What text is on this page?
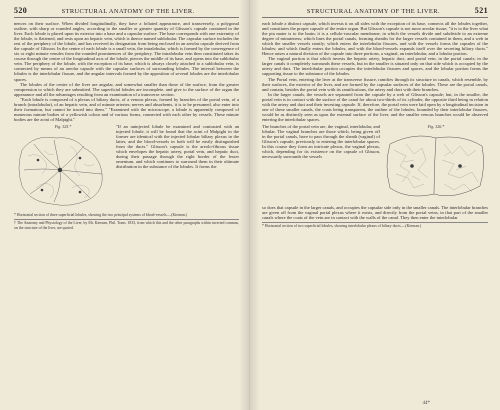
520	STRUCTURAL ANATOMY OF THE LIVER.

nences on their surface. When divided longitudinally, they have a foliated appearance, and transversely, a polygonal outline, with sharp or rounded angles, according to the smaller or greater quantity of Glisson's capsule contained in the liver. Each lobule is placed upon its exterior into a base and a capsular surface. The base corresponds with one extremity of the lobule, is flattened, and rests upon an hepatic vein, which is thence named sublobular. The capsular surface includes the rest of the periphery of the lobule, and has received its designation from being enclosed in an areolar capsule derived from the capsule of Glisson. In the centre of each lobule is a small vein, the intralobular, which is formed by the convergence of six or eight minute venules from the rounded prominences of the periphery. The intralobular vein then constituted takes its course through the centre of the longitudinal axis of the lobule, pierces the middle of its base, and opens into the sublobular vein. The periphery of the lobule, with the exception of its base, which is always closely attached to a sublobular vein, is connected by means of an areolar capsule with the capsular surfaces of surrounding lobules. The interval between the lobules is the interlobular fissure, and the angular intervals formed by the apposition of several lobules are the interlobular spaces.

The lobules of the centre of the liver are angular, and somewhat smaller than those of the surface, from the greater compression to which they are submitted. The superficial lobules are incomplete, and give to the surface of the organ the appearance and all the advantages resulting from an examination of a transverse section.

"Each lobule is composed of a plexus of biliary ducts, of a venous plexus, formed by branches of the portal vein, of a branch (intralobular), of an hepatic vein, and of minute arteries; nerves and absorbents, it is to be presumed, also enter into their formation, but cannot be traced into them." "Examined with the microscope, a lobule is apparently composed of numerous minute bodies of a yellowish colour and of various forms, connected with each other by vessels. These minute bodies are the acini of Malpighi."

Fig. 325.*	"If an uninjected lobule be examined and contrasted with an injected lobule, it will be found that the acini of Malpighi in the former are identical with the injected lobular biliary plexus in the latter, and the blood-vessels in both will be easily distinguished from the ducts." Glisson's capsule is the areolo-fibrous tissue which envelopes the hepatic artery, portal vein, and hepatic duct, during their passage through the right border of the lesser omentum, and which continues to surround them in their ultimate distribution in the substance of the lobules. It forms the
* Horizontal section of three superficial lobules, showing the two principal systems of blood-vessels.—(Kiernan.)
† The Anatomy and Physiology of the Liver, by Mr. Kiernan, Phil. Trans. 1833, from which this and the other paragraphs within inverted commas, on the structure of the liver, are quoted.
STRUCTURAL ANATOMY OF THE LIVER.	521

each lobule a distinct capsule, which invests it on all sides with the exception of its base, connects all the lobules together, and constitutes the proper capsule of the entire organ. But Glisson's capsule is not more areolar tissue; "it is to the liver what the pia mater is to the brain; it is a cellulo-vascular membrane, in which the vessels divide and subdivide to an extreme degree of minuteness; which lines the portal canals, forming sheaths for the larger vessels contained in them, and a web in which the smaller vessels ramify; which enters the interlobular fissures, and with the vessels forms the capsules of the lobules; and which finally enters the lobules, and with the blood-vessels expands itself over the secreting biliary ducts." Hence arises a natural division of the capsule into three portions, a vaginal, an interlobular, and a lobular portion.

The vaginal portion is that which invests the hepatic artery, hepatic duct, and portal vein, in the portal canals; in the larger canals it completely surrounds these vessels, but in the smaller is situated only on that side which is occupied by the artery and duct. The interlobular portion occupies the interlobular fissures and spaces, and the lobular portion forms the supporting tissue to the substance of the lobules.

The Portal vein, entering the liver at the transverse fissure, ramifies through its structure in canals, which resemble, by their surfaces, the exterior of the liver, and are formed by the capsular surfaces of the lobules. These are the portal canals, and contain, besides the portal vein with its ramifications, the artery and duct with their branches.

In the larger canals, the vessels are separated from the capsule by a web of Glisson's capsule; but, in the smaller, the portal vein is in contact with the surface of the canal for about two-thirds of its cylinder, the opposite third being in relation with the artery and duct and their investing capsule. If, therefore, the portal vein were laid open by a longitudinal incision in one of these smaller canals, the coats being transparent, the outline of the lobules, bounded by their interlobular fissures, would be as distinctly seen as upon the external surface of the liver, and the smaller venous branches would be observed entering the interlobular spaces.

The branches of the portal vein are, the vaginal, interlobular, and lobular. The vaginal branches are those which, being given off in the portal canals, have to pass through the sheath (vaginal) of Glisson's capsule, previously to entering the interlobular spaces. In this course they form an intricate plexus, the vaginal plexus, which, depending for its existence on the capsule of Glisson, necessarily surrounds the vessels
Fig. 326.*

so does that capsule in the larger canals, and occupies the capsular side only in the smaller canals. The interlobular branches are given off from the vaginal portal plexus where it exists, and directly from the portal veins, in that part of the smaller canals where the coats of the vein are in contact with the walls of the canal. They then enter the interlobular

* Horizontal section of two superficial lobules, showing interlobular plexus of biliary ducts.—(Kiernan.)
44*
